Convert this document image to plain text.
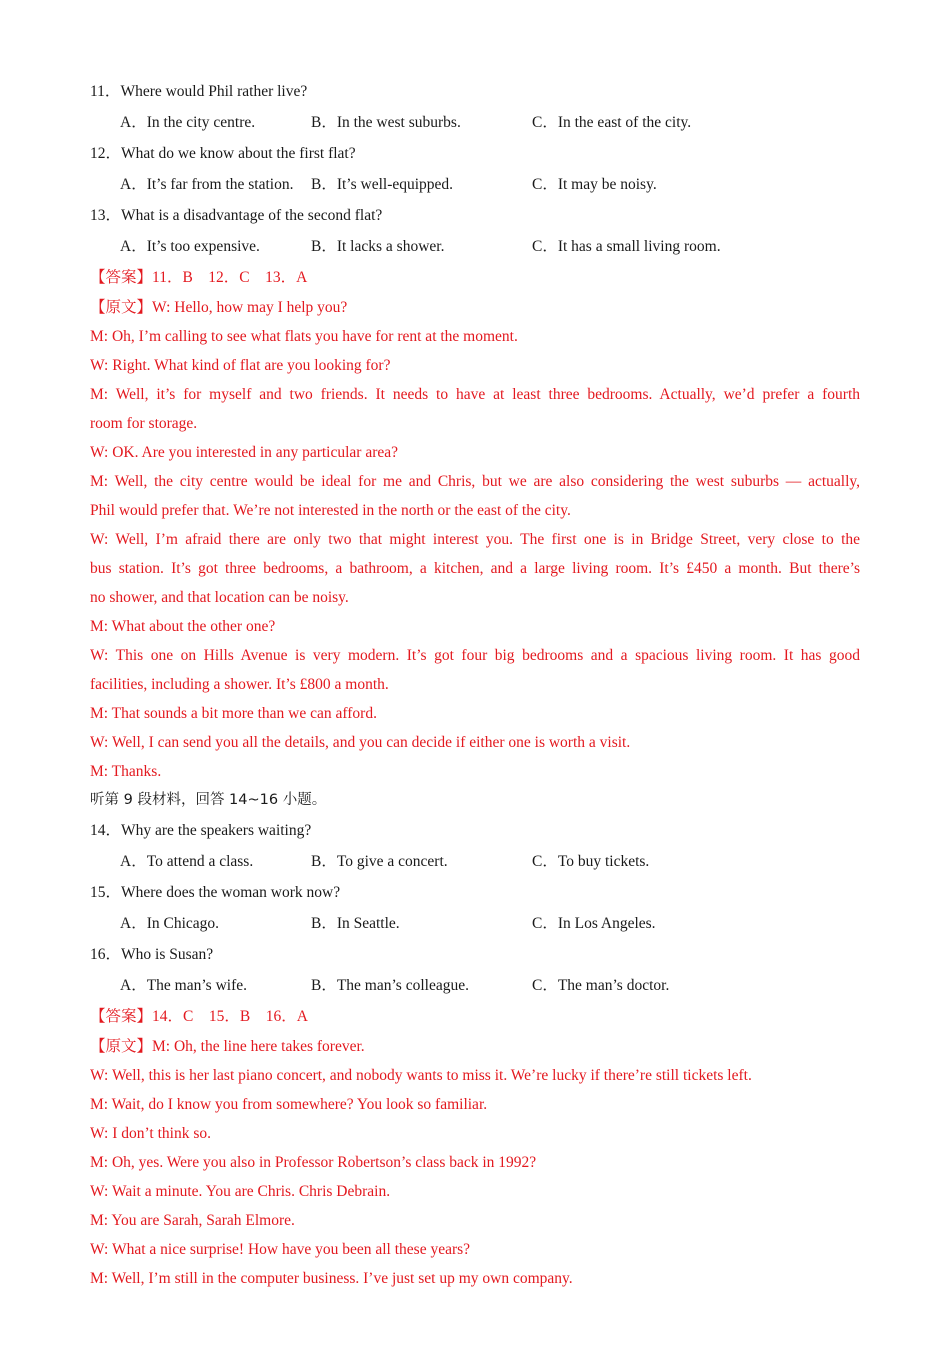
11．Where would Phil rather live?
A．In the city centre.	B．In the west suburbs.	C．In the east of the city.
12．What do we know about the first flat?
A．It’s far from the station. B．It’s well-equipped.	C．It may be noisy.
13．What is a disadvantage of the second flat?
A．It’s too expensive.	B．It lacks a shower.	C．It has a small living room.
【答案】11．B　12．C　13．A
【原文】W: Hello, how may I help you?
M: Oh, I’m calling to see what flats you have for rent at the moment.
W: Right. What kind of flat are you looking for?
M: Well, it’s for myself and two friends. It needs to have at least three bedrooms. Actually, we’d prefer a fourth
room for storage.
W: OK. Are you interested in any particular area?
M: Well, the city centre would be ideal for me and Chris, but we are also considering the west suburbs — actually,
Phil would prefer that. We’re not interested in the north or the east of the city.
W: Well, I’m afraid there are only two that might interest you. The first one is in Bridge Street, very close to the
bus station. It’s got three bedrooms, a bathroom, a kitchen, and a large living room. It’s £450 a month. But there’s
no shower, and that location can be noisy.
M: What about the other one?
W: This one on Hills Avenue is very modern. It’s got four big bedrooms and a spacious living room. It has good
facilities, including a shower. It’s £800 a month.
M: That sounds a bit more than we can afford.
W: Well, I can send you all the details, and you can decide if either one is worth a visit.
M: Thanks.
听第 9 段材料，回答 14~16 小题。
14．Why are the speakers waiting?
A．To attend a class.	B．To give a concert.	C．To buy tickets.
15．Where does the woman work now?
A．In Chicago.	B．In Seattle.	C．In Los Angeles.
16．Who is Susan?
A．The man’s wife.	B．The man’s colleague.	C．The man’s doctor.
【答案】14．C　15．B　16．A
【原文】M: Oh, the line here takes forever.
W: Well, this is her last piano concert, and nobody wants to miss it. We’re lucky if there’re still tickets left.
M: Wait, do I know you from somewhere? You look so familiar.
W: I don’t think so.
M: Oh, yes. Were you also in Professor Robertson’s class back in 1992?
W: Wait a minute. You are Chris. Chris Debrain.
M: You are Sarah, Sarah Elmore.
W: What a nice surprise! How have you been all these years?
M: Well, I’m still in the computer business. I’ve just set up my own company.
